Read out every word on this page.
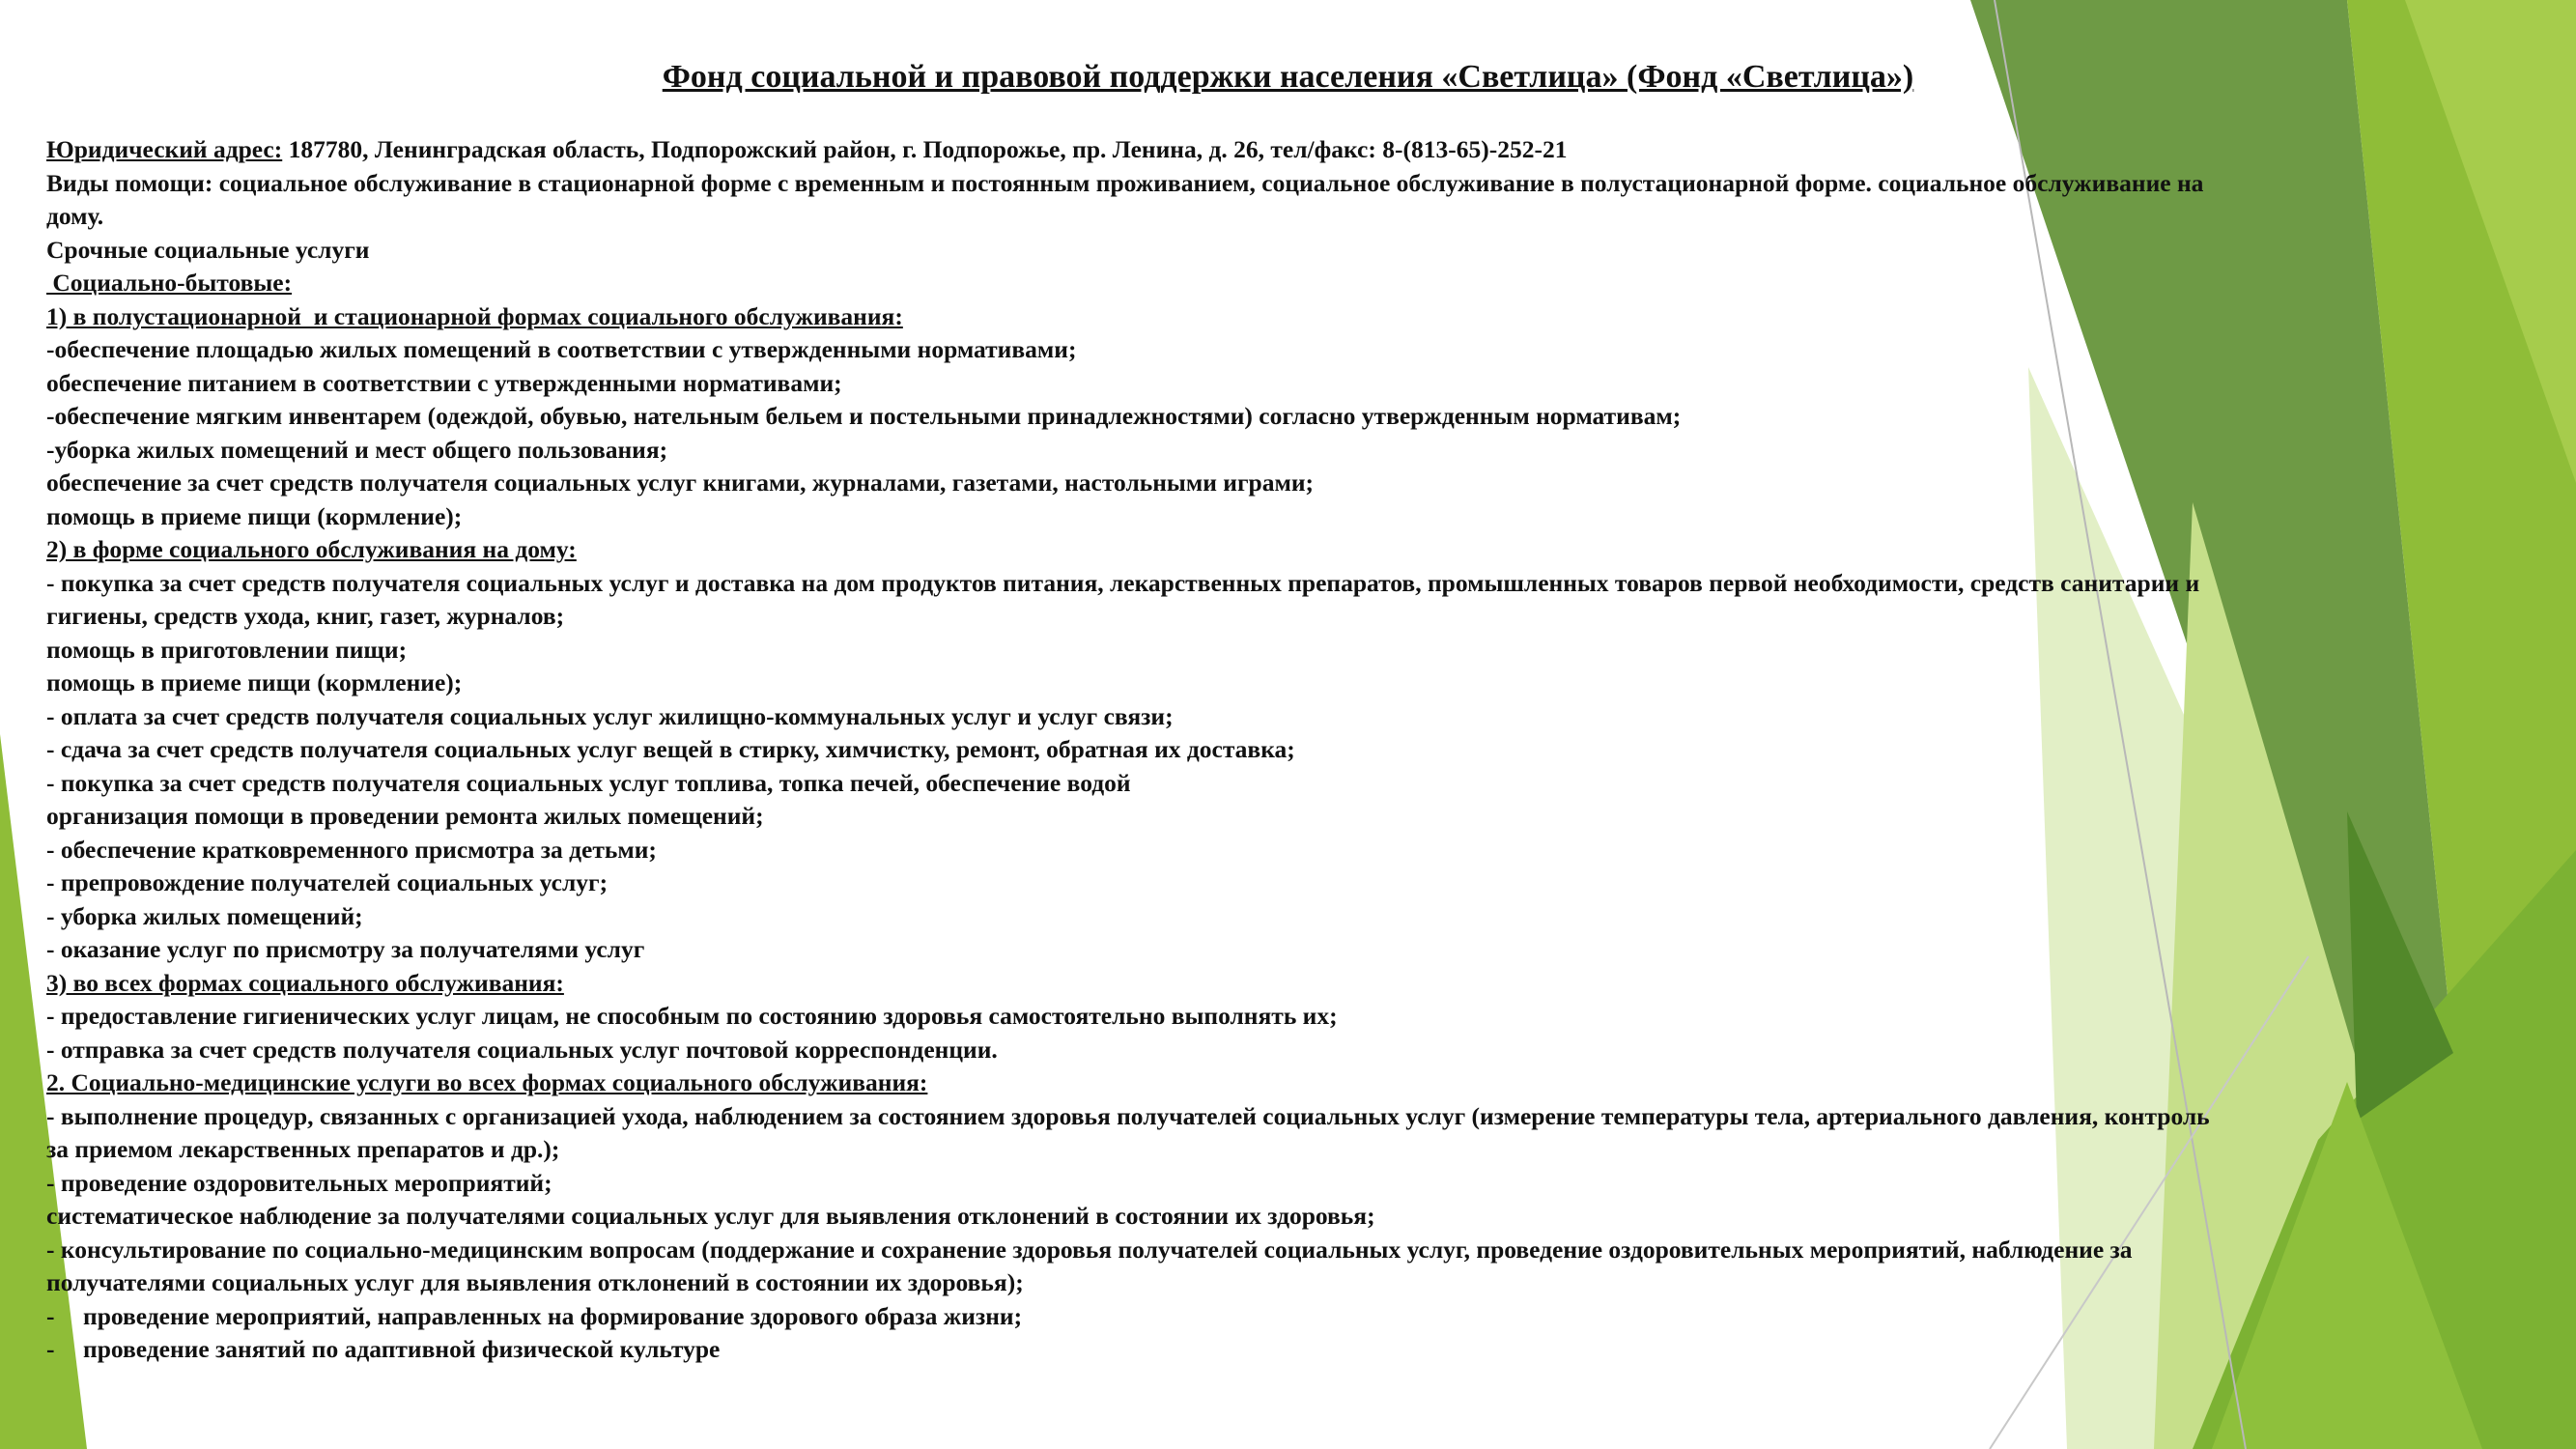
Фонд социальной и правовой поддержки населения «Светлица» (Фонд «Светлица»)
Юридический адрес: 187780, Ленинградская область, Подпорожский район, г. Подпорожье, пр. Ленина, д. 26, тел/факс: 8-(813-65)-252-21
Виды помощи: социальное обслуживание в стационарной форме с временным и постоянным проживанием, социальное обслуживание в полустационарной форме. социальное обслуживание на
дому.
Срочные социальные услуги
Социально-бытовые:
1) в полустационарной  и стационарной формах социального обслуживания:
-обеспечение площадью жилых помещений в соответствии с утвержденными нормативами;
обеспечение питанием в соответствии с утвержденными нормативами;
-обеспечение мягким инвентарем (одеждой, обувью, нательным бельем и постельными принадлежностями) согласно утвержденным нормативам;
-уборка жилых помещений и мест общего пользования;
обеспечение за счет средств получателя социальных услуг книгами, журналами, газетами, настольными играми;
помощь в приеме пищи (кормление);
2) в форме социального обслуживания на дому:
- покупка за счет средств получателя социальных услуг и доставка на дом продуктов питания, лекарственных препаратов, промышленных товаров первой необходимости, средств санитарии и
гигиены, средств ухода, книг, газет, журналов;
помощь в приготовлении пищи;
помощь в приеме пищи (кормление);
- оплата за счет средств получателя социальных услуг жилищно-коммунальных услуг и услуг связи;
- сдача за счет средств получателя социальных услуг вещей в стирку, химчистку, ремонт, обратная их доставка;
- покупка за счет средств получателя социальных услуг топлива, топка печей, обеспечение водой
организация помощи в проведении ремонта жилых помещений;
- обеспечение кратковременного присмотра за детьми;
- препровождение получателей социальных услуг;
- уборка жилых помещений;
- оказание услуг по присмотру за получателями услуг
3) во всех формах социального обслуживания:
- предоставление гигиенических услуг лицам, не способным по состоянию здоровья самостоятельно выполнять их;
- отправка за счет средств получателя социальных услуг почтовой корреспонденции.
2. Социально-медицинские услуги во всех формах социального обслуживания:
- выполнение процедур, связанных с организацией ухода, наблюдением за состоянием здоровья получателей социальных услуг (измерение температуры тела, артериального давления, контроль
за приемом лекарственных препаратов и др.);
- проведение оздоровительных мероприятий;
систематическое наблюдение за получателями социальных услуг для выявления отклонений в состоянии их здоровья;
- консультирование по социально-медицинским вопросам (поддержание и сохранение здоровья получателей социальных услуг, проведение оздоровительных мероприятий, наблюдение за
получателями социальных услуг для выявления отклонений в состоянии их здоровья);
-	проведение мероприятий, направленных на формирование здорового образа жизни;
-	проведение занятий по адаптивной физической культуре
